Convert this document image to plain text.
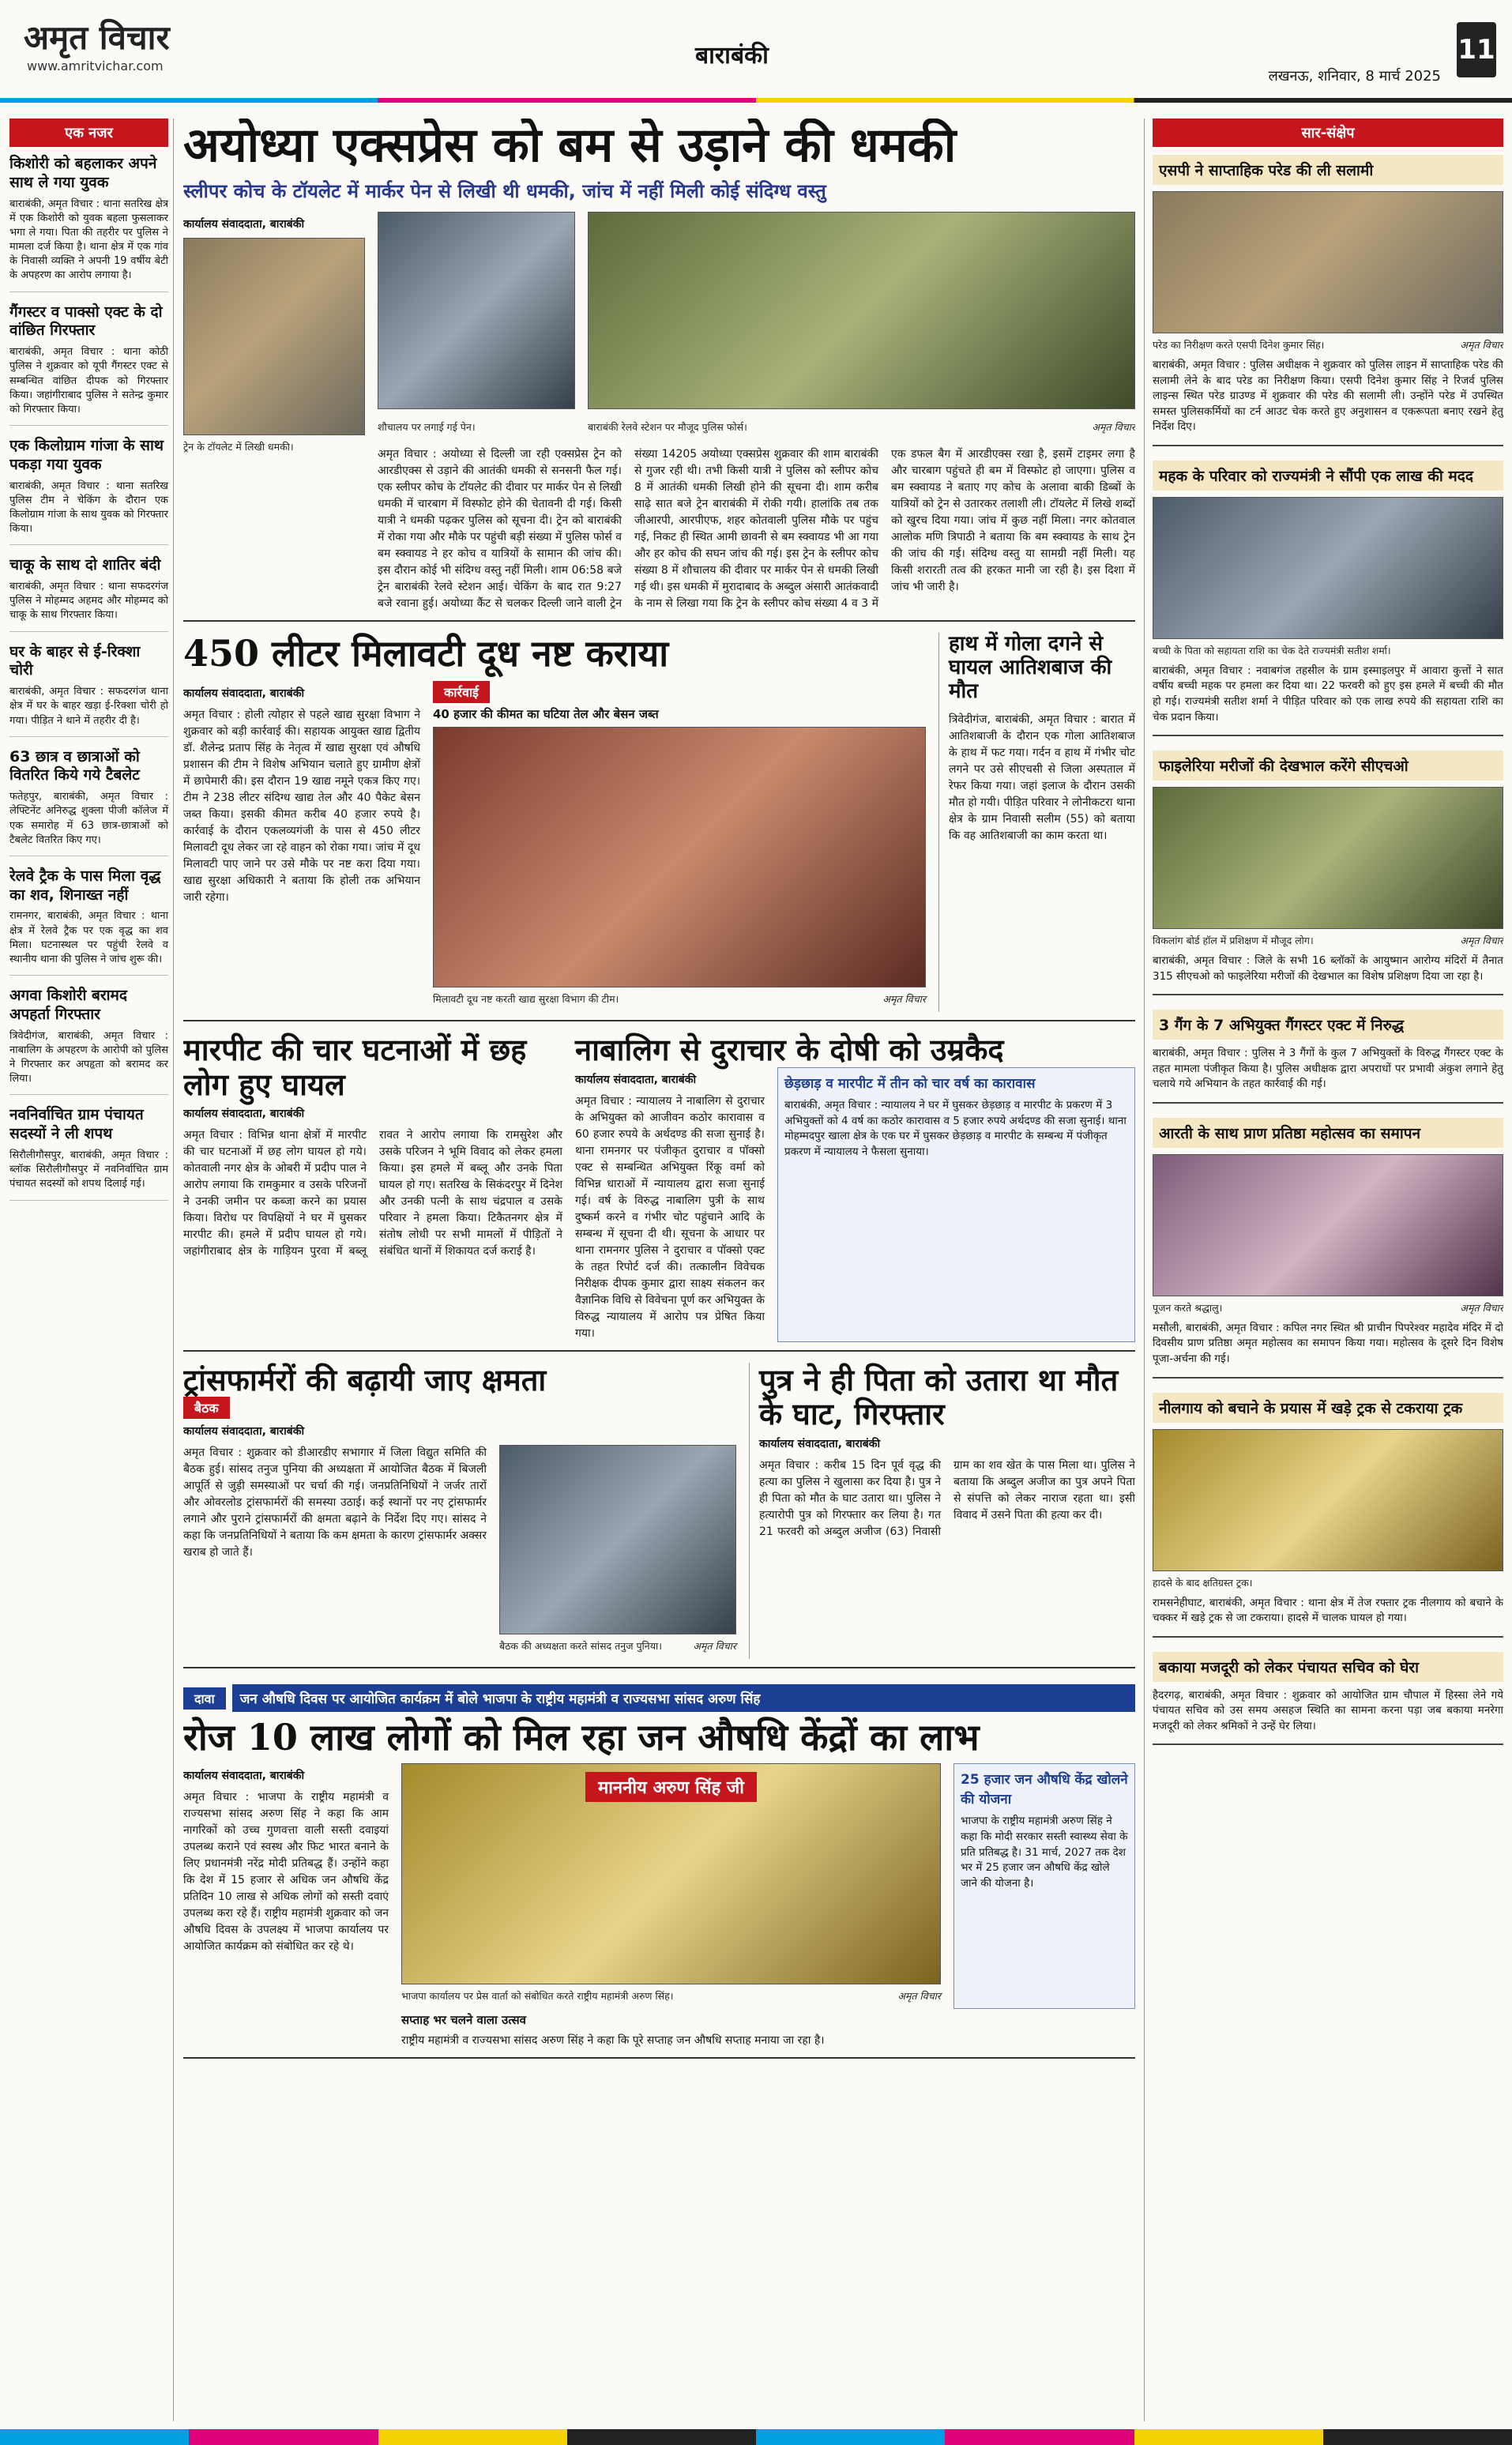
अमृत विचार
www.amritvichar.com	बाराबंकी
लखनऊ, शनिवार, 8 मार्च 2025
11
एक नजर
किशोरी को बहलाकर अपने साथ ले गया युवक

बाराबंकी, अमृत विचार : थाना सतरिख क्षेत्र में एक किशोरी को युवक बहला फुसलाकर भगा ले गया। पिता की तहरीर पर पुलिस ने मामला दर्ज किया है। थाना क्षेत्र में एक गांव के निवासी व्यक्ति ने अपनी 19 वर्षीय बेटी के अपहरण का आरोप लगाया है।

गैंगस्टर व पाक्सो एक्ट के दो वांछित गिरफ्तार

बाराबंकी, अमृत विचार : थाना कोठी पुलिस ने शुक्रवार को यूपी गैंगस्टर एक्ट से सम्बन्धित वांछित दीपक को गिरफ्तार किया। जहांगीराबाद पुलिस ने सतेन्द्र कुमार को गिरफ्तार किया।

एक किलोग्राम गांजा के साथ पकड़ा गया युवक

बाराबंकी, अमृत विचार : थाना सतरिख पुलिस टीम ने चेकिंग के दौरान एक किलोग्राम गांजा के साथ युवक को गिरफ्तार किया।

चाकू के साथ दो शातिर बंदी

बाराबंकी, अमृत विचार : थाना सफदरगंज पुलिस ने मोहम्मद अहमद और मोहम्मद को चाकू के साथ गिरफ्तार किया।

घर के बाहर से ई-रिक्शा चोरी

बाराबंकी, अमृत विचार : सफदरगंज थाना क्षेत्र में घर के बाहर खड़ा ई-रिक्शा चोरी हो गया। पीड़ित ने थाने में तहरीर दी है।

63 छात्र व छात्राओं को वितरित किये गये टैबलेट

फतेहपुर, बाराबंकी, अमृत विचार : लेफ्टिनेंट अनिरुद्ध शुक्ला पीजी कॉलेज में एक समारोह में 63 छात्र-छात्राओं को टैबलेट वितरित किए गए।

रेलवे ट्रैक के पास मिला वृद्ध का शव, शिनाख्त नहीं

रामनगर, बाराबंकी, अमृत विचार : थाना क्षेत्र में रेलवे ट्रैक पर एक वृद्ध का शव मिला। घटनास्थल पर पहुंची रेलवे व स्थानीय थाना की पुलिस ने जांच शुरू की।

अगवा किशोरी बरामद अपहर्ता गिरफ्तार

त्रिवेदीगंज, बाराबंकी, अमृत विचार : नाबालिग के अपहरण के आरोपी को पुलिस ने गिरफ्तार कर अपहृता को बरामद कर लिया।

नवनिर्वाचित ग्राम पंचायत सदस्यों ने ली शपथ

सिरौलीगौसपुर, बाराबंकी, अमृत विचार : ब्लॉक सिरौलीगौसपुर में नवनिर्वाचित ग्राम पंचायत सदस्यों को शपथ दिलाई गई।

अयोध्या एक्सप्रेस को बम से उड़ाने की धमकी
स्लीपर कोच के टॉयलेट में मार्कर पेन से लिखी थी धमकी, जांच में नहीं मिली कोई संदिग्ध वस्तु
कार्यालय संवाददाता, बाराबंकी
ट्रेन के टॉयलेट में लिखी धमकी।
शौचालय पर लगाई गई पेन।	बाराबंकी रेलवे स्टेशन पर मौजूद पुलिस फोर्स।	अमृत विचार
अमृत विचार : अयोध्या से दिल्ली जा रही एक्सप्रेस ट्रेन को आरडीएक्स से उड़ाने की आतंकी धमकी से सनसनी फैल गई। एक स्लीपर कोच के टॉयलेट की दीवार पर मार्कर पेन से लिखी धमकी में चारबाग में विस्फोट होने की चेतावनी दी गई। किसी यात्री ने धमकी पढ़कर पुलिस को सूचना दी। ट्रेन को बाराबंकी में रोका गया और मौके पर पहुंची बड़ी संख्या में पुलिस फोर्स व बम स्क्वायड ने हर कोच व यात्रियों के सामान की जांच की। इस दौरान कोई भी संदिग्ध वस्तु नहीं मिली। शाम 06:58 बजे ट्रेन बाराबंकी रेलवे स्टेशन आई। चेकिंग के बाद रात 9:27 बजे रवाना हुई। अयोध्या कैंट से चलकर दिल्ली जाने वाली ट्रेन संख्या 14205 अयोध्या एक्सप्रेस शुक्रवार की शाम बाराबंकी से गुजर रही थी। तभी किसी यात्री ने पुलिस को स्लीपर कोच 8 में आतंकी धमकी लिखी होने की सूचना दी। शाम करीब साढ़े सात बजे ट्रेन बाराबंकी में रोकी गयी। हालांकि तब तक जीआरपी, आरपीएफ, शहर कोतवाली पुलिस मौके पर पहुंच गई, निकट ही स्थित आमी छावनी से बम स्क्वायड भी आ गया और हर कोच की सघन जांच की गई। इस ट्रेन के स्लीपर कोच संख्या 8 में शौचालय की दीवार पर मार्कर पेन से धमकी लिखी गई थी। इस धमकी में मुरादाबाद के अब्दुल अंसारी आतंकवादी के नाम से लिखा गया कि ट्रेन के स्लीपर कोच संख्या 4 व 3 में एक डफल बैग में आरडीएक्स रखा है, इसमें टाइमर लगा है और चारबाग पहुंचते ही बम में विस्फोट हो जाएगा। पुलिस व बम स्क्वायड ने बताए गए कोच के अलावा बाकी डिब्बों के यात्रियों को ट्रेन से उतारकर तलाशी ली। टॉयलेट में लिखे शब्दों को खुरच दिया गया। जांच में कुछ नहीं मिला। नगर कोतवाल आलोक मणि त्रिपाठी ने बताया कि बम स्क्वायड के साथ ट्रेन की जांच की गई। संदिग्ध वस्तु या सामग्री नहीं मिली। यह किसी शरारती तत्व की हरकत मानी जा रही है। इस दिशा में जांच भी जारी है।
450 लीटर मिलावटी दूध नष्ट कराया
कार्यालय संवाददाता, बाराबंकी
अमृत विचार : होली त्योहार से पहले खाद्य सुरक्षा विभाग ने शुक्रवार को बड़ी कार्रवाई की। सहायक आयुक्त खाद्य द्वितीय डॉ. शैलेन्द्र प्रताप सिंह के नेतृत्व में खाद्य सुरक्षा एवं औषधि प्रशासन की टीम ने विशेष अभियान चलाते हुए ग्रामीण क्षेत्रों में छापेमारी की। इस दौरान 19 खाद्य नमूने एकत्र किए गए। टीम ने 238 लीटर संदिग्ध खाद्य तेल और 40 पैकेट बेसन जब्त किया। इसकी कीमत करीब 40 हजार रुपये है। कार्रवाई के दौरान एकलव्यगंजी के पास से 450 लीटर मिलावटी दूध लेकर जा रहे वाहन को रोका गया। जांच में दूध मिलावटी पाए जाने पर उसे मौके पर नष्ट करा दिया गया। खाद्य सुरक्षा अधिकारी ने बताया कि होली तक अभियान जारी रहेगा।
कार्रवाई
40 हजार की कीमत का घटिया तेल और बेसन जब्त
मिलावटी दूध नष्ट करती खाद्य सुरक्षा विभाग की टीम।	अमृत विचार
हाथ में गोला दगने से घायल आतिशबाज की मौत
त्रिवेदीगंज, बाराबंकी, अमृत विचार : बारात में आतिशबाजी के दौरान एक गोला आतिशबाज के हाथ में फट गया। गर्दन व हाथ में गंभीर चोट लगने पर उसे सीएचसी से जिला अस्पताल में रेफर किया गया। जहां इलाज के दौरान उसकी मौत हो गयी। पीड़ित परिवार ने लोनीकटरा थाना क्षेत्र के ग्राम निवासी सलीम (55) को बताया कि वह आतिशबाजी का काम करता था।
मारपीट की चार घटनाओं में छह लोग हुए घायल
कार्यालय संवाददाता, बाराबंकी
अमृत विचार : विभिन्न थाना क्षेत्रों में मारपीट की चार घटनाओं में छह लोग घायल हो गये। कोतवाली नगर क्षेत्र के ओबरी में प्रदीप पाल ने आरोप लगाया कि रामकुमार व उसके परिजनों ने उनकी जमीन पर कब्जा करने का प्रयास किया। विरोध पर विपक्षियों ने घर में घुसकर मारपीट की। हमले में प्रदीप घायल हो गये। जहांगीराबाद क्षेत्र के गाड़ियन पुरवा में बब्लू रावत ने आरोप लगाया कि रामसुरेश और उसके परिजन ने भूमि विवाद को लेकर हमला किया। इस हमले में बब्लू और उनके पिता घायल हो गए। सतरिख के सिकंदरपुर में दिनेश और उनकी पत्नी के साथ चंद्रपाल व उसके परिवार ने हमला किया। टिकैतनगर क्षेत्र में संतोष लोधी पर सभी मामलों में पीड़ितों ने संबंधित थानों में शिकायत दर्ज कराई है।
नाबालिग से दुराचार के दोषी को उम्रकैद
कार्यालय संवाददाता, बाराबंकी
अमृत विचार : न्यायालय ने नाबालिग से दुराचार के अभियुक्त को आजीवन कठोर कारावास व 60 हजार रुपये के अर्थदण्ड की सजा सुनाई है। थाना रामनगर पर पंजीकृत दुराचार व पॉक्सो एक्ट से सम्बन्धित अभियुक्त रिंकू वर्मा को विभिन्न धाराओं में न्यायालय द्वारा सजा सुनाई गई। वर्ष के विरुद्ध नाबालिग पुत्री के साथ दुष्कर्म करने व गंभीर चोट पहुंचाने आदि के सम्बन्ध में सूचना दी थी। सूचना के आधार पर थाना रामनगर पुलिस ने दुराचार व पॉक्सो एक्ट के तहत रिपोर्ट दर्ज की। तत्कालीन विवेचक निरीक्षक दीपक कुमार द्वारा साक्ष्य संकलन कर वैज्ञानिक विधि से विवेचना पूर्ण कर अभियुक्त के विरुद्ध न्यायालय में आरोप पत्र प्रेषित किया गया।
छेड़छाड़ व मारपीट में तीन को चार वर्ष का कारावास
बाराबंकी, अमृत विचार : न्यायालय ने घर में घुसकर छेड़छाड़ व मारपीट के प्रकरण में 3 अभियुक्तों को 4 वर्ष का कठोर कारावास व 5 हजार रुपये अर्थदण्ड की सजा सुनाई। थाना मोहम्मदपुर खाला क्षेत्र के एक घर में घुसकर छेड़छाड़ व मारपीट के सम्बन्ध में पंजीकृत प्रकरण में न्यायालय ने फैसला सुनाया।
ट्रांसफार्मरों की बढ़ायी जाए क्षमता
बैठक
कार्यालय संवाददाता, बाराबंकी
अमृत विचार : शुक्रवार को डीआरडीए सभागार में जिला विद्युत समिति की बैठक हुई। सांसद तनुज पुनिया की अध्यक्षता में आयोजित बैठक में बिजली आपूर्ति से जुड़ी समस्याओं पर चर्चा की गई। जनप्रतिनिधियों ने जर्जर तारों और ओवरलोड ट्रांसफार्मरों की समस्या उठाई। कई स्थानों पर नए ट्रांसफार्मर लगाने और पुराने ट्रांसफार्मरों की क्षमता बढ़ाने के निर्देश दिए गए। सांसद ने कहा कि जनप्रतिनिधियों ने बताया कि कम क्षमता के कारण ट्रांसफार्मर अक्सर खराब हो जाते हैं।
बैठक की अध्यक्षता करते सांसद तनुज पुनिया।	अमृत विचार
पुत्र ने ही पिता को उतारा था मौत के घाट, गिरफ्तार
कार्यालय संवाददाता, बाराबंकी
अमृत विचार : करीब 15 दिन पूर्व वृद्ध की हत्या का पुलिस ने खुलासा कर दिया है। पुत्र ने ही पिता को मौत के घाट उतारा था। पुलिस ने हत्यारोपी पुत्र को गिरफ्तार कर लिया है। गत 21 फरवरी को अब्दुल अजीज (63) निवासी ग्राम का शव खेत के पास मिला था। पुलिस ने बताया कि अब्दुल अजीज का पुत्र अपने पिता से संपत्ति को लेकर नाराज रहता था। इसी विवाद में उसने पिता की हत्या कर दी।
दावा	जन औषधि दिवस पर आयोजित कार्यक्रम में बोले भाजपा के राष्ट्रीय महामंत्री व राज्यसभा सांसद अरुण सिंह
रोज 10 लाख लोगों को मिल रहा जन औषधि केंद्रों का लाभ
कार्यालय संवाददाता, बाराबंकी
अमृत विचार : भाजपा के राष्ट्रीय महामंत्री व राज्यसभा सांसद अरुण सिंह ने कहा कि आम नागरिकों को उच्च गुणवत्ता वाली सस्ती दवाइयां उपलब्ध कराने एवं स्वस्थ और फिट भारत बनाने के लिए प्रधानमंत्री नरेंद्र मोदी प्रतिबद्ध हैं। उन्होंने कहा कि देश में 15 हजार से अधिक जन औषधि केंद्र प्रतिदिन 10 लाख से अधिक लोगों को सस्ती दवाएं उपलब्ध करा रहे हैं। राष्ट्रीय महामंत्री शुक्रवार को जन औषधि दिवस के उपलक्ष्य में भाजपा कार्यालय पर आयोजित कार्यक्रम को संबोधित कर रहे थे।
माननीय अरुण सिंह जी
भाजपा कार्यालय पर प्रेस वार्ता को संबोधित करते राष्ट्रीय महामंत्री अरुण सिंह।	अमृत विचार
25 हजार जन औषधि केंद्र खोलने की योजना
भाजपा के राष्ट्रीय महामंत्री अरुण सिंह ने कहा कि मोदी सरकार सस्ती स्वास्थ्य सेवा के प्रति प्रतिबद्ध है। 31 मार्च, 2027 तक देश भर में 25 हजार जन औषधि केंद्र खोले जाने की योजना है।
सप्ताह भर चलने वाला उत्सव
राष्ट्रीय महामंत्री व राज्यसभा सांसद अरुण सिंह ने कहा कि पूरे सप्ताह जन औषधि सप्ताह मनाया जा रहा है।
सार-संक्षेप
एसपी ने साप्ताहिक परेड की ली सलामी
परेड का निरीक्षण करते एसपी दिनेश कुमार सिंह।	अमृत विचार

बाराबंकी, अमृत विचार : पुलिस अधीक्षक ने शुक्रवार को पुलिस लाइन में साप्ताहिक परेड की सलामी लेने के बाद परेड का निरीक्षण किया। एसपी दिनेश कुमार सिंह ने रिजर्व पुलिस लाइन्स स्थित परेड ग्राउण्ड में शुक्रवार की परेड की सलामी ली। उन्होंने परेड में उपस्थित समस्त पुलिसकर्मियों का टर्न आउट चेक करते हुए अनुशासन व एकरूपता बनाए रखने हेतु निर्देश दिए।

महक के परिवार को राज्यमंत्री ने सौंपी एक लाख की मदद
बच्ची के पिता को सहायता राशि का चेक देते राज्यमंत्री सतीश शर्मा।

बाराबंकी, अमृत विचार : नवाबगंज तहसील के ग्राम इस्माइलपुर में आवारा कुत्तों ने सात वर्षीय बच्ची महक पर हमला कर दिया था। 22 फरवरी को हुए इस हमले में बच्ची की मौत हो गई। राज्यमंत्री सतीश शर्मा ने पीड़ित परिवार को एक लाख रुपये की सहायता राशि का चेक प्रदान किया।

फाइलेरिया मरीजों की देखभाल करेंगे सीएचओ
विकलांग बोर्ड हॉल में प्रशिक्षण में मौजूद लोग।	अमृत विचार

बाराबंकी, अमृत विचार : जिले के सभी 16 ब्लॉकों के आयुष्मान आरोग्य मंदिरों में तैनात 315 सीएचओ को फाइलेरिया मरीजों की देखभाल का विशेष प्रशिक्षण दिया जा रहा है।

3 गैंग के 7 अभियुक्त गैंगस्टर एक्ट में निरुद्ध

बाराबंकी, अमृत विचार : पुलिस ने 3 गैंगों के कुल 7 अभियुक्तों के विरुद्ध गैंगस्टर एक्ट के तहत मामला पंजीकृत किया है। पुलिस अधीक्षक द्वारा अपराधों पर प्रभावी अंकुश लगाने हेतु चलाये गये अभियान के तहत कार्रवाई की गई।

आरती के साथ प्राण प्रतिष्ठा महोत्सव का समापन
पूजन करते श्रद्धालु।	अमृत विचार

मसौली, बाराबंकी, अमृत विचार : कपिल नगर स्थित श्री प्राचीन पिपरेश्वर महादेव मंदिर में दो दिवसीय प्राण प्रतिष्ठा अमृत महोत्सव का समापन किया गया। महोत्सव के दूसरे दिन विशेष पूजा-अर्चना की गई।

नीलगाय को बचाने के प्रयास में खड़े ट्रक से टकराया ट्रक
हादसे के बाद क्षतिग्रस्त ट्रक।

रामसनेहीघाट, बाराबंकी, अमृत विचार : थाना क्षेत्र में तेज रफ्तार ट्रक नीलगाय को बचाने के चक्कर में खड़े ट्रक से जा टकराया। हादसे में चालक घायल हो गया।

बकाया मजदूरी को लेकर पंचायत सचिव को घेरा

हैदरगढ़, बाराबंकी, अमृत विचार : शुक्रवार को आयोजित ग्राम चौपाल में हिस्सा लेने गये पंचायत सचिव को उस समय असहज स्थिति का सामना करना पड़ा जब बकाया मनरेगा मजदूरी को लेकर श्रमिकों ने उन्हें घेर लिया।
